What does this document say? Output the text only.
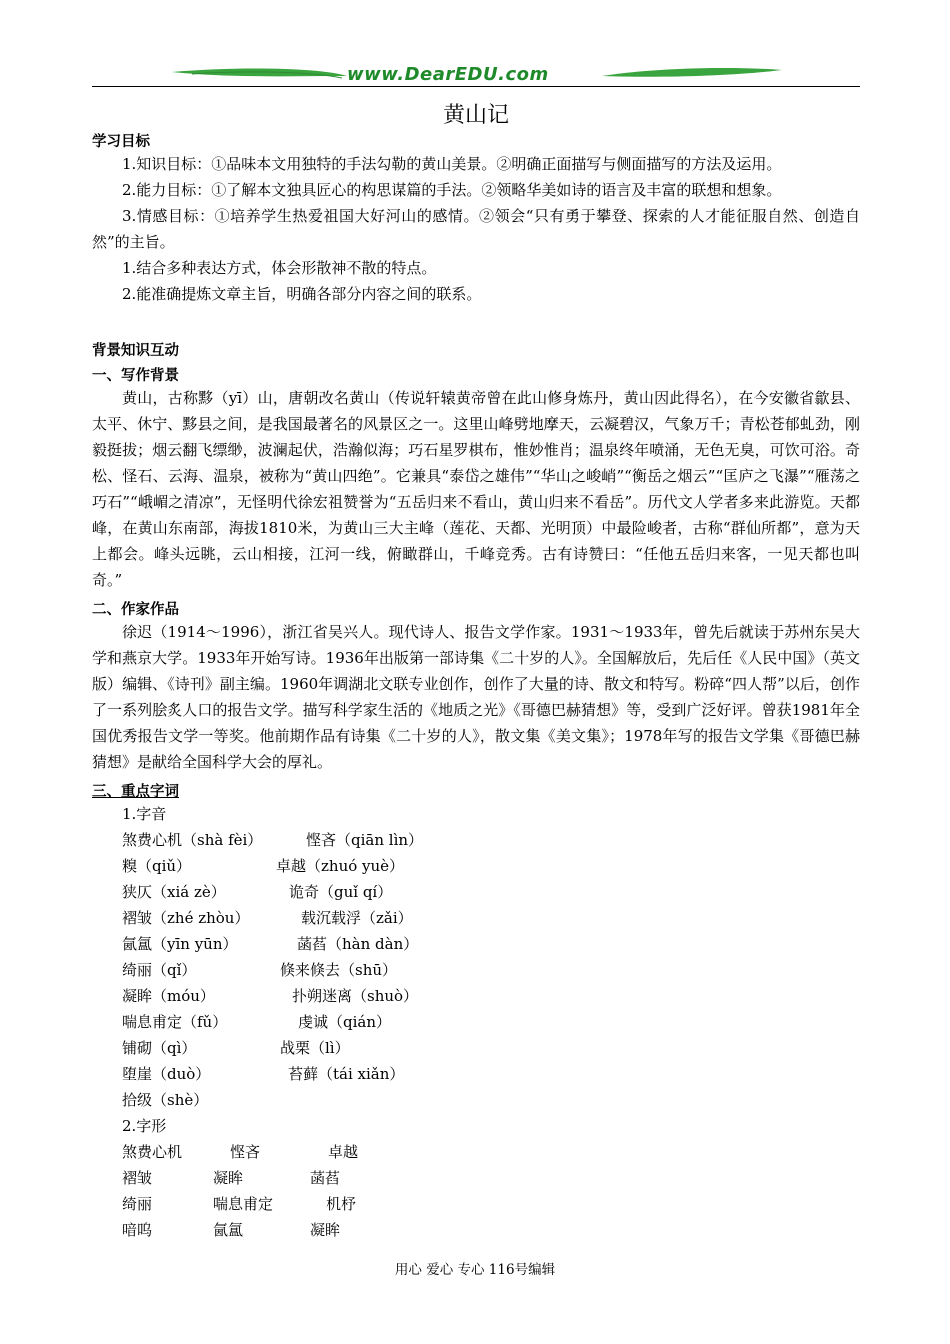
www.DearEDU.com
黄山记
学习目标
1.知识目标：①品味本文用独特的手法勾勒的黄山美景。②明确正面描写与侧面描写的方法及运用。
2.能力目标：①了解本文独具匠心的构思谋篇的手法。②领略华美如诗的语言及丰富的联想和想象。
3.情感目标：①培养学生热爱祖国大好河山的感情。②领会“只有勇于攀登、探索的人才能征服自然、创造自然”的主旨。
1.结合多种表达方式，体会形散神不散的特点。
2.能准确提炼文章主旨，明确各部分内容之间的联系。
背景知识互动
一、写作背景
黄山，古称黟（yī）山，唐朝改名黄山（传说轩辕黄帝曾在此山修身炼丹，黄山因此得名），在今安徽省歙县、太平、休宁、黟县之间，是我国最著名的风景区之一。这里山峰劈地摩天，云凝碧汉，气象万千；青松苍郁虬劲，刚毅挺拔；烟云翻飞缥缈，波澜起伏，浩瀚似海；巧石星罗棋布，惟妙惟肖；温泉终年喷涌，无色无臭，可饮可浴。奇松、怪石、云海、温泉，被称为“黄山四绝”。它兼具“泰岱之雄伟”“华山之峻峭”“衡岳之烟云”“匡庐之飞瀑”“雁荡之巧石”“峨嵋之清凉”，无怪明代徐宏祖赞誉为“五岳归来不看山，黄山归来不看岳”。历代文人学者多来此游览。天都峰，在黄山东南部，海拔1810米，为黄山三大主峰（莲花、天都、光明顶）中最险峻者，古称“群仙所都”，意为天上都会。峰头远眺，云山相接，江河一线，俯瞰群山，千峰竞秀。古有诗赞曰：“任他五岳归来客，一见天都也叫奇。”
二、作家作品
徐迟（1914～1996），浙江省吴兴人。现代诗人、报告文学作家。1931～1933年，曾先后就读于苏州东吴大学和燕京大学。1933年开始写诗。1936年出版第一部诗集《二十岁的人》。全国解放后，先后任《人民中国》（英文版）编辑、《诗刊》副主编。1960年调湖北文联专业创作，创作了大量的诗、散文和特写。粉碎“四人帮”以后，创作了一系列脍炙人口的报告文学。描写科学家生活的《地质之光》《哥德巴赫猜想》等，受到广泛好评。曾获1981年全国优秀报告文学一等奖。他前期作品有诗集《二十岁的人》，散文集《美文集》；1978年写的报告文学集《哥德巴赫猜想》是献给全国科学大会的厚礼。
三、重点字词
1.字音
煞费心机（shà fèi）	悭吝（qiān lìn）
糗（qiǔ）	卓越（zhuó yuè）
狭仄（xiá zè）	诡奇（guǐ qí）
褶皱（zhé zhòu）	载沉载浮（zǎi）
氤氲（yīn yūn）	菡萏（hàn dàn）
绮丽（qǐ）	倏来倏去（shū）
凝眸（móu）	扑朔迷离（shuò）
喘息甫定（fǔ）	虔诚（qián）
铺砌（qì）	战栗（lì）
堕崖（duò）	苔藓（tái xiǎn）
拾级（shè）
2.字形
煞费心机	悭吝	卓越
褶皱	凝眸	菡萏
绮丽	喘息甫定	机杼
喑呜	氤氲	凝眸
用心 爱心 专心 116号编辑
